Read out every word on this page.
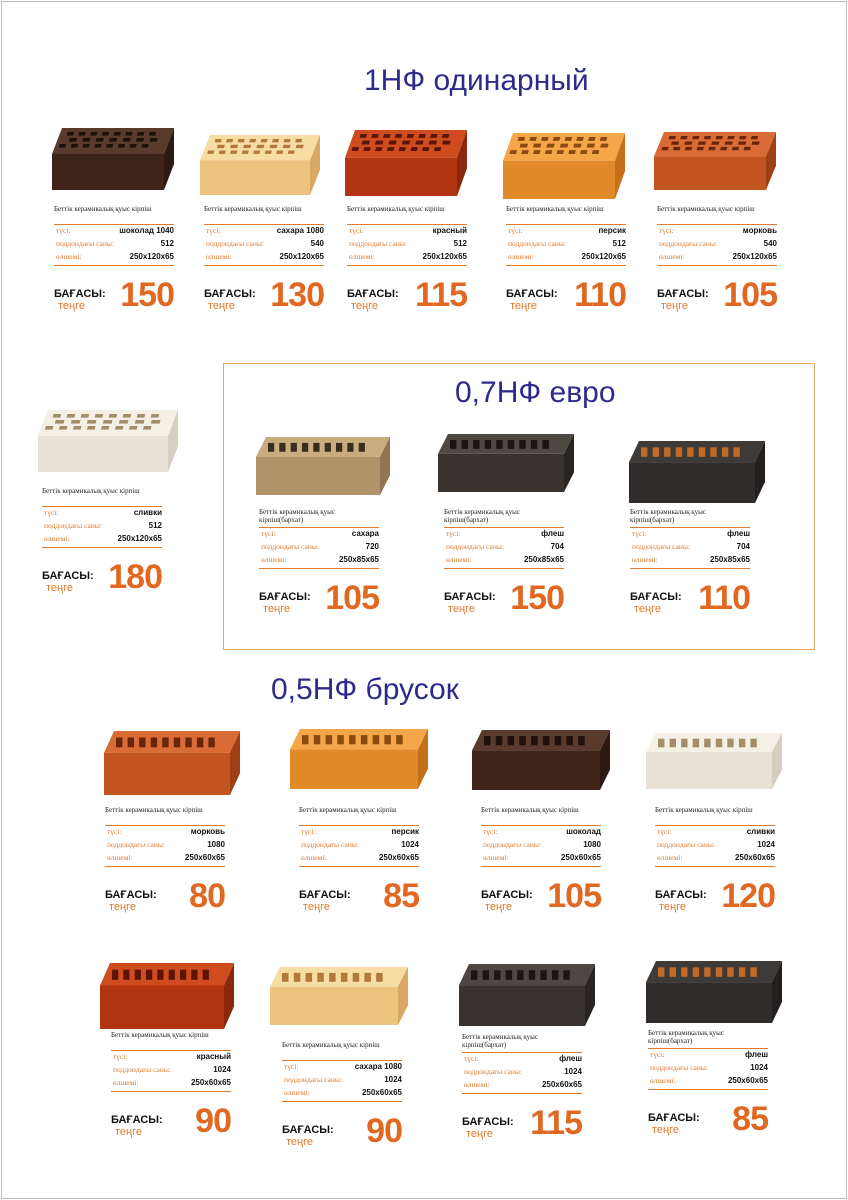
1НФ одинарный
0,7НФ евро
0,5НФ брусок
Беттік керамикалық қуыс кірпіш
түсі:	шоколад 1040
поддондағы саны:	512
өлшемі:	250x120x65
БАҒАСЫ:
теңге 150
Беттік керамикалық қуыс кірпіш
түсі:	сахара 1080
поддондағы саны:	540
өлшемі:	250x120x65
БАҒАСЫ:
теңге 130
Беттік керамикалық қуыс кірпіш
түсі:	красный
поддондағы саны:	512
өлшемі:	250x120x65
БАҒАСЫ:
теңге 115
Беттік керамикалық қуыс кірпіш
түсі:	персик
поддондағы саны:	512
өлшемі:	250x120x65
БАҒАСЫ:
теңге 110
Беттік керамикалық қуыс кірпіш
түсі:	морковь
поддондағы саны:	540
өлшемі:	250x120x65
БАҒАСЫ:
теңге 105
Беттік керамикалық қуыс кірпіш
түсі:	сливки
поддондағы саны:	512
өлшемі:	250x120x65
БАҒАСЫ:
теңге 180
Беттік керамикалық қуыс кірпіш(бархат)
түсі:	сахара
поддондағы саны:	720
өлшемі:	250x85x65
БАҒАСЫ:
теңге 105
Беттік керамикалық қуыс кірпіш(бархат)
түсі:	флеш
поддондағы саны:	704
өлшемі:	250x85x65
БАҒАСЫ:
теңге 150
Беттік керамикалық қуыс кірпіш(бархат)
түсі:	флеш
поддондағы саны:	704
өлшемі:	250x85x65
БАҒАСЫ:
теңге 110
Беттік керамикалық қуыс кірпіш
түсі:	морковь
поддондағы саны:	1080
өлшемі:	250x60x65
БАҒАСЫ:
теңге 80
Беттік керамикалық қуыс кірпіш
түсі:	персик
поддондағы саны:	1024
өлшемі:	250x60x65
БАҒАСЫ:
теңге 85
Беттік керамикалық қуыс кірпіш
түсі:	шоколад
поддондағы саны:	1080
өлшемі:	250x60x65
БАҒАСЫ:
теңге 105
Беттік керамикалық қуыс кірпіш
түсі:	сливки
поддондағы саны:	1024
өлшемі:	250x60x65
БАҒАСЫ:
теңге 120
Беттік керамикалық қуыс кірпіш
түсі:	красный
поддондағы саны:	1024
өлшемі:	250x60x65
БАҒАСЫ:
теңге 90
Беттік керамикалық қуыс кірпіш
түсі:	сахара 1080
поддондағы саны:	1024
өлшемі:	250x60x65
БАҒАСЫ:
теңге 90
Беттік керамикалық қуыс кірпіш(бархат)
түсі:	флеш
поддондағы саны:	1024
өлшемі:	250x60x65
БАҒАСЫ:
теңге 115
Беттік керамикалық қуыс кірпіш(бархат)
түсі:	флеш
поддондағы саны:	1024
өлшемі:	250x60x65
БАҒАСЫ:
теңге 85
